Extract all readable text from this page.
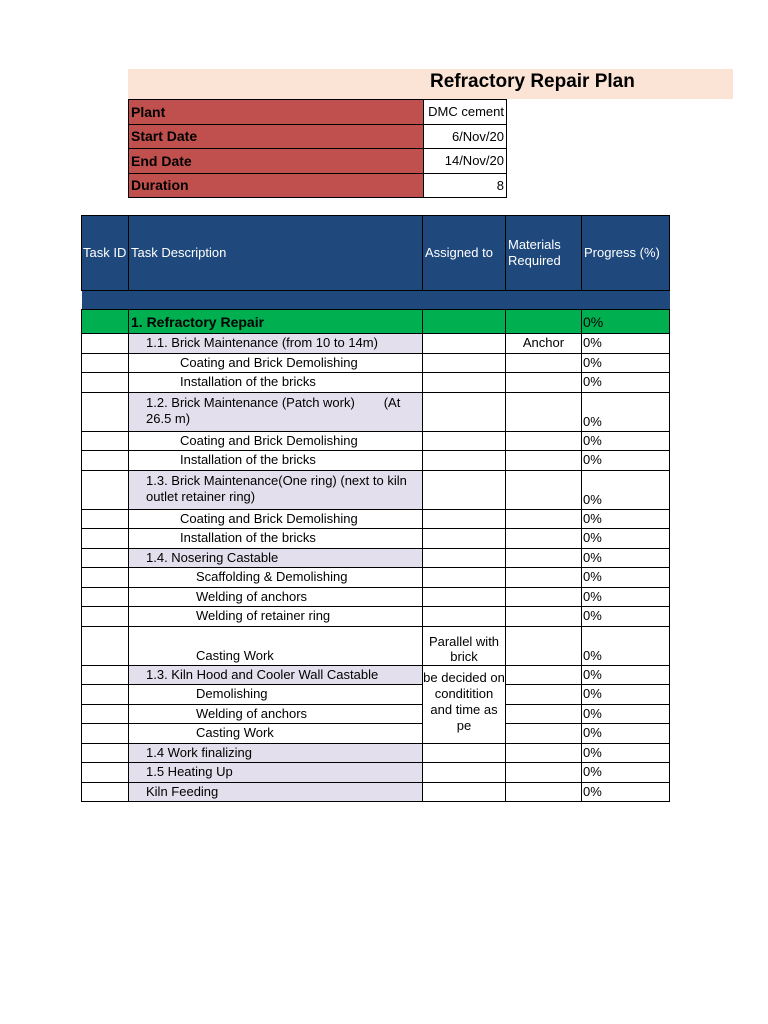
Refractory Repair Plan
Plant	DMC cement
Start Date	6/Nov/20
End Date	14/Nov/20
Duration	8
Task ID	Task Description	Assigned to	Materials Required	Progress (%)

	1. Refractory Repair			0%
	1.1. Brick Maintenance (from 10 to 14m)		Anchor	0%
	Coating and Brick Demolishing			0%
	Installation of the bricks			0%
	1.2. Brick Maintenance (Patch work)        (At 26.5 m)			0%
	Coating and Brick Demolishing			0%
	Installation of the bricks			0%
	1.3. Brick Maintenance(One ring) (next to kiln outlet retainer ring)			0%
	Coating and Brick Demolishing			0%
	Installation of the bricks			0%
	1.4. Nosering Castable			0%
	Scaffolding & Demolishing			0%
	Welding of anchors			0%
	Welding of retainer ring			0%
	Casting Work	Parallel with brick		0%
	1.3. Kiln Hood and Cooler Wall Castable	be decided on conditition and time as pe		0%
	Demolishing			0%
	Welding of anchors			0%
	Casting Work			0%
	1.4 Work finalizing			0%
	1.5 Heating Up			0%
	Kiln Feeding			0%
